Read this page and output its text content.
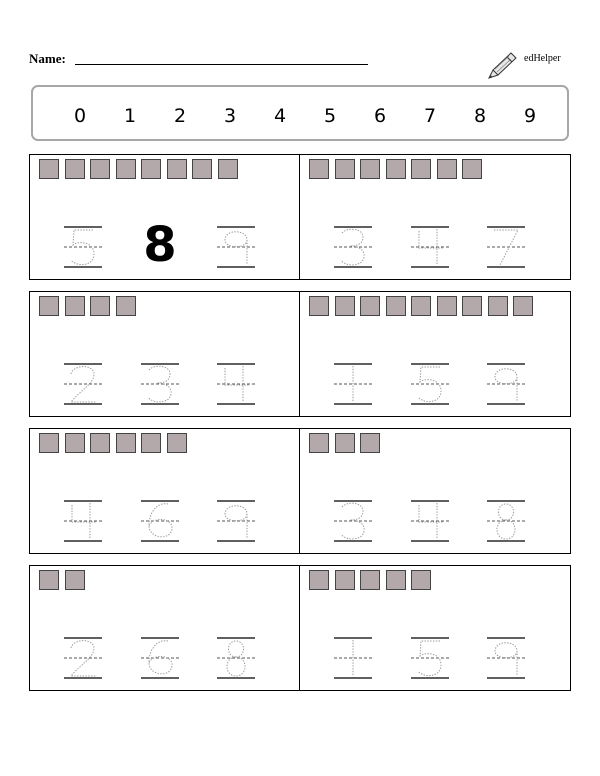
Name:	edHelper
0 1 2 3 4 5 6 7 8 9
8
